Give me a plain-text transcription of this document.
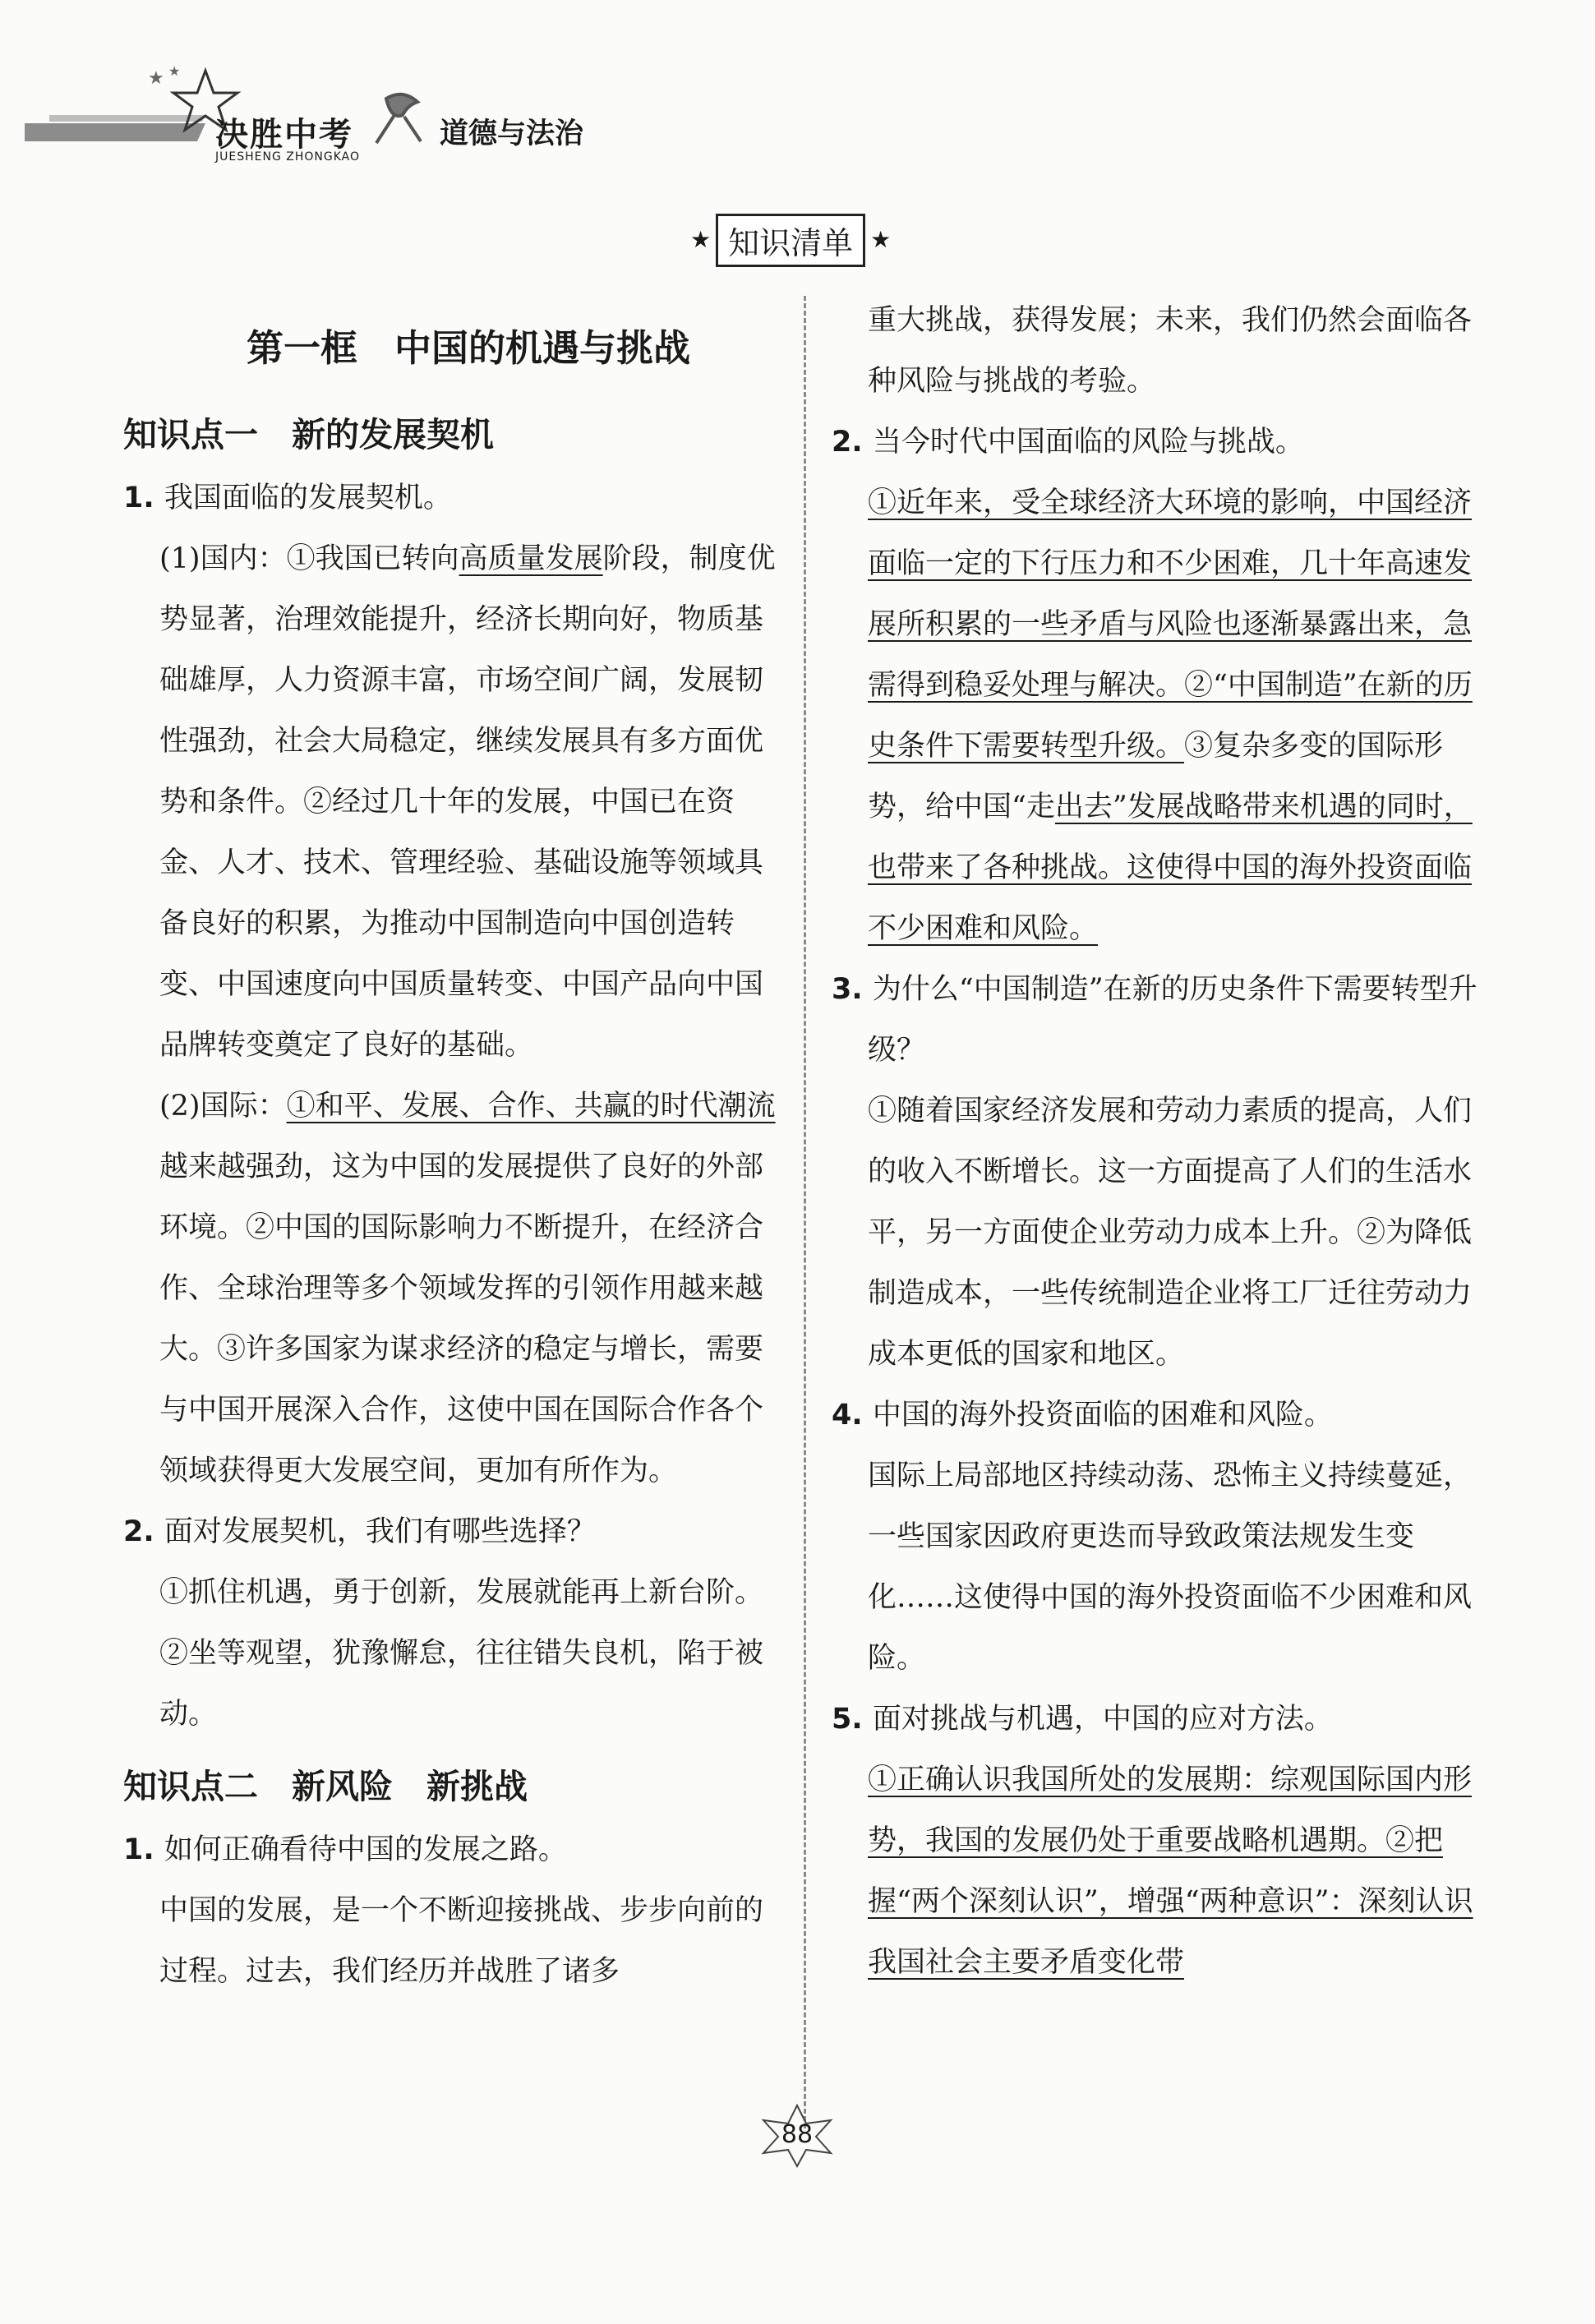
★ ★
决胜中考
JUESHENG ZHONGKAO
道德与法治
★ 知识清单 ★
第一框　中国的机遇与挑战
知识点一　新的发展契机

1. 我国面临的发展契机。

(1)国内：①我国已转向高质量发展阶段，制度优势显著，治理效能提升，经济长期向好，物质基础雄厚，人力资源丰富，市场空间广阔，发展韧性强劲，社会大局稳定，继续发展具有多方面优势和条件。②经过几十年的发展，中国已在资金、人才、技术、管理经验、基础设施等领域具备良好的积累，为推动中国制造向中国创造转变、中国速度向中国质量转变、中国产品向中国品牌转变奠定了良好的基础。

(2)国际：①和平、发展、合作、共赢的时代潮流越来越强劲，这为中国的发展提供了良好的外部环境。②中国的国际影响力不断提升，在经济合作、全球治理等多个领域发挥的引领作用越来越大。③许多国家为谋求经济的稳定与增长，需要与中国开展深入合作，这使中国在国际合作各个领域获得更大发展空间，更加有所作为。

2. 面对发展契机，我们有哪些选择？

①抓住机遇，勇于创新，发展就能再上新台阶。②坐等观望，犹豫懈怠，往往错失良机，陷于被动。

知识点二　新风险　新挑战

1. 如何正确看待中国的发展之路。

中国的发展，是一个不断迎接挑战、步步向前的过程。过去，我们经历并战胜了诸多

重大挑战，获得发展；未来，我们仍然会面临各种风险与挑战的考验。

2. 当今时代中国面临的风险与挑战。

①近年来，受全球经济大环境的影响，中国经济面临一定的下行压力和不少困难，几十年高速发展所积累的一些矛盾与风险也逐渐暴露出来，急需得到稳妥处理与解决。②“中国制造”在新的历史条件下需要转型升级。③复杂多变的国际形势，给中国“走出去”发展战略带来机遇的同时，也带来了各种挑战。这使得中国的海外投资面临不少困难和风险。

3. 为什么“中国制造”在新的历史条件下需要转型升级？

①随着国家经济发展和劳动力素质的提高，人们的收入不断增长。这一方面提高了人们的生活水平，另一方面使企业劳动力成本上升。②为降低制造成本，一些传统制造企业将工厂迁往劳动力成本更低的国家和地区。

4. 中国的海外投资面临的困难和风险。

国际上局部地区持续动荡、恐怖主义持续蔓延，一些国家因政府更迭而导致政策法规发生变化……这使得中国的海外投资面临不少困难和风险。

5. 面对挑战与机遇，中国的应对方法。

①正确认识我国所处的发展期：综观国际国内形势，我国的发展仍处于重要战略机遇期。②把握“两个深刻认识”，增强“两种意识”：深刻认识我国社会主要矛盾变化带

88
